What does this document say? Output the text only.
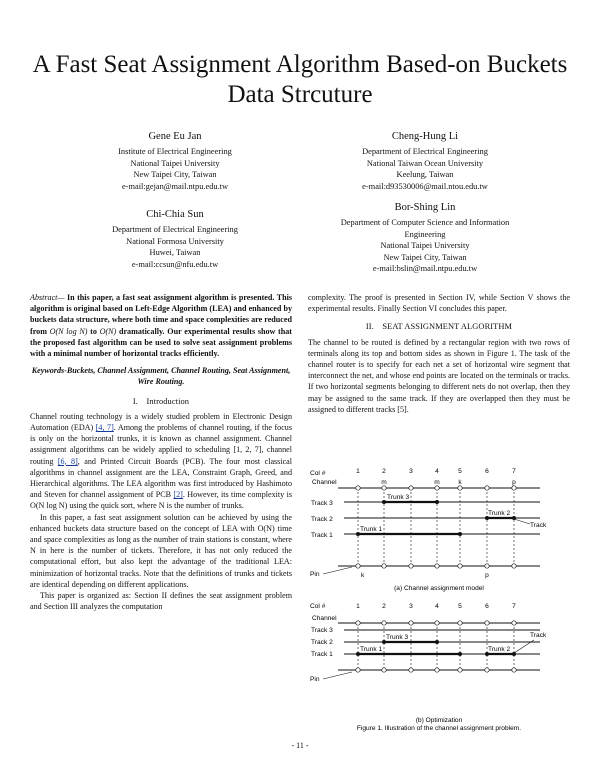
A Fast Seat Assignment Algorithm Based-on Buckets
Data Strcuture
Gene Eu Jan
Institute of Electrical Engineering
National Taipei University
New Taipei City, Taiwan
e-mail:gejan@mail.ntpu.edu.tw
Cheng-Hung Li
Department of Electrical Engineering
National Taiwan Ocean University
Keelung, Taiwan
e-mail:d93530006@mail.ntou.edu.tw
Chi-Chia Sun
Department of Electrical Engineering
National Formosa University
Huwei, Taiwan
e-mail:ccsun@nfu.edu.tw
Bor-Shing Lin
Department of Computer Science and Information
Engineering
National Taipei University
New Taipei City, Taiwan
e-mail:bslin@mail.ntpu.edu.tw
Abstract— In this paper, a fast seat assignment algorithm is presented. This algorithm is original based on Left-Edge Algorithm (LEA) and enhanced by buckets data structure, where both time and space complexities are reduced from O(N log N) to O(N) dramatically. Our experimental results show that the proposed fast algorithm can be used to solve seat assignment problems with a minimal number of horizontal tracks efficiently.
Keywords-Buckets, Channel Assignment, Channel Routing, Seat Assignment, Wire Routing.
I. Introduction
Channel routing technology is a widely studied problem in Electronic Design Automation (EDA) [4, 7]. Among the problems of channel routing, if the focus is only on the horizontal trunks, it is known as channel assignment. Channel assignment algorithms can be widely applied to scheduling [1, 2, 7], channel routing [6, 8], and Printed Circuit Boards (PCB). The four most classical algorithms in channel assignment are the LEA, Constraint Graph, Greed, and Hierarchical algorithms. The LEA algorithm was first introduced by Hashimoto and Steven for channel assignment of PCB [2]. However, its time complexity is O(N log N) using the quick sort, where N is the number of trunks.
In this paper, a fast seat assignment solution can be achieved by using the enhanced buckets data structure based on the concept of LEA with O(N) time and space complexities as long as the number of train stations is constant, where N in here is the number of tickets. Therefore, it has not only reduced the computational effort, but also kept the advantage of the traditional LEA: minimization of horizontal tracks. Note that the definitions of trunks and tickets are identical depending on different applications.
This paper is organized as: Section II defines the seat assignment problem and Section III analyzes the computation
complexity. The proof is presented in Section IV, while Section V shows the experimental results. Finally Section VI concludes this paper.
II. SEAT ASSIGNMENT ALGORITHM
The channel to be routed is defined by a rectangular region with two rows of terminals along its top and bottom sides as shown in Figure 1. The task of the channel router is to specify for each net a set of horizontal wire segment that interconnect the net, and whose end points are located on the terminals or tracks. If two horizontal segments belonging to different nets do not overlap, then they may be assigned to the same track. If they are overlapped then they must be assigned to different tracks [5].
Col #
Channel
1	2	3	4	5	6	7
m	m	k	p
Track 3
Track 2
Track 1
Trunk 3
Trunk 2
Trunk 1
Track
Pin	k	p
(a) Channel assignment model
Col #
Channel
1	2	3	4	5	6	7
Track 3
Track 2
Track 1
Trunk 3
Trunk 1	Trunk 2
Track
Pin
(b) Optimization
Figure 1. Illustration of the channel assignment problem.
- 11 -
